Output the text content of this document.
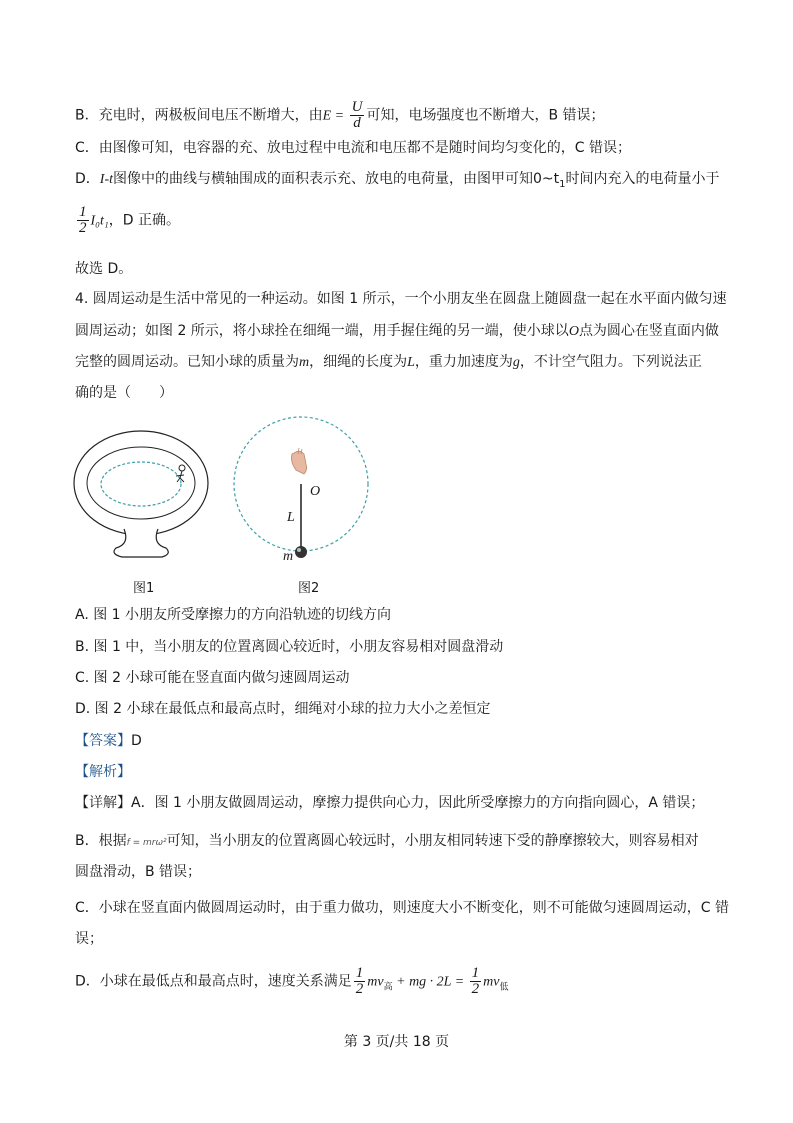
B．充电时，两极板间电压不断增大，由$E = \frac{U}{d}$ 可知，电场强度也不断增大，B 错误；
C．由图像可知，电容器的充、放电过程中电流和电压都不是随时间均匀变化的，C 错误；
D．I-t图像中的曲线与横轴围成的面积表示充、放电的电荷量，由图甲可知$0\sim t_1$时间内充入的电荷量小于
$\frac{1}{2} I_0t_1$，D 正确。
故选 D。
4. 圆周运动是生活中常见的一种运动。如图 1 所示，一个小朋友坐在圆盘上随圆盘一起在水平面内做匀速
圆周运动；如图 2 所示，将小球拴在细绳一端，用手握住绳的另一端，使小球以O点为圆心在竖直面内做
完整的圆周运动。已知小球的质量为m，细绳的长度为L，重力加速度为g，不计空气阻力。下列说法正
确的是（　　）
图1
O
L
m
图2
A. 图 1 小朋友所受摩擦力的方向沿轨迹的切线方向
B. 图 1 中，当小朋友的位置离圆心较近时，小朋友容易相对圆盘滑动
C. 图 2 小球可能在竖直面内做匀速圆周运动
D. 图 2 小球在最低点和最高点时，细绳对小球的拉力大小之差恒定
【答案】D
【解析】
【详解】A．图 1 小朋友做圆周运动，摩擦力提供向心力，因此所受摩擦力的方向指向圆心，A 错误；
B．根据f = mrω²可知，当小朋友的位置离圆心较远时，小朋友相同转速下受的静摩擦较大，则容易相对
圆盘滑动，B 错误；
C．小球在竖直面内做圆周运动时，由于重力做功，则速度大小不断变化，则不可能做匀速圆周运动，C 错
误；
D．小球在最低点和最高点时，速度关系满足 $\frac{1}{2} mv_高$ + mg · $2L = \frac{1}{2} mv_低$
第 3 页/共 18 页
